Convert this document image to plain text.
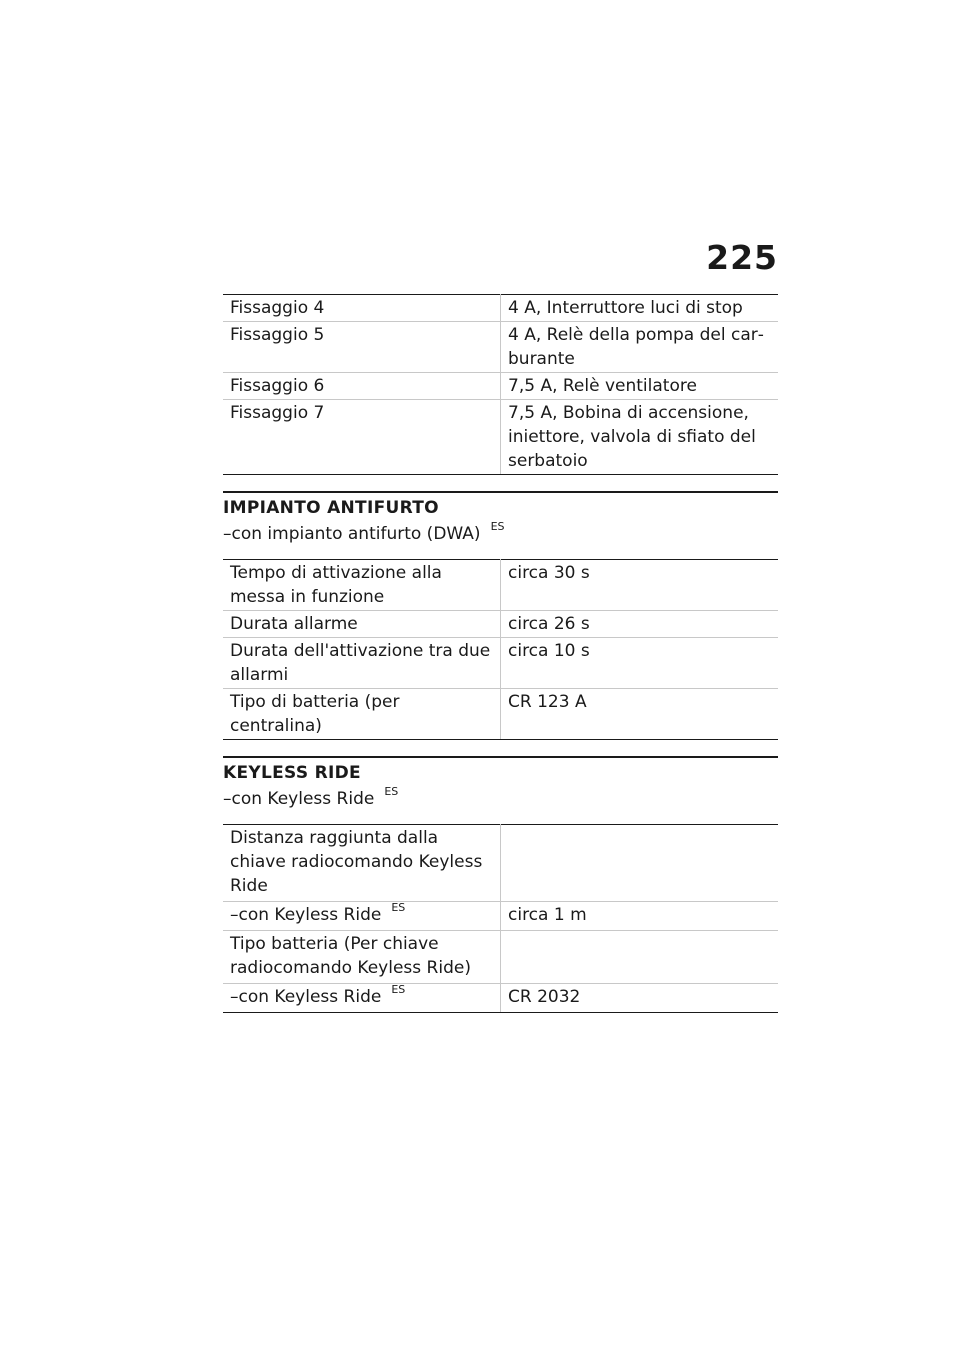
225
Fissaggio 4	4 A, Interruttore luci di stop
Fissaggio 5	4 A, Relè della pompa del carburante
Fissaggio 6	7,5 A, Relè ventilatore
Fissaggio 7	7,5 A, Bobina di accensione, iniettore, valvola di sfiato del serbatoio
IMPIANTO ANTIFURTO
–con impianto antifurto (DWA) $^{ES}$
Tempo di attivazione alla messa in funzione	circa 30 s
Durata allarme	circa 26 s
Durata dell'attivazione tra due allarmi	circa 10 s
Tipo di batteria (per centralina)	CR 123 A
KEYLESS RIDE
–con Keyless Ride $^{ES}$
Distanza raggiunta dalla chiave radiocomando Keyless Ride	
–con Keyless Ride $^{ES}$	circa 1 m
Tipo batteria (Per chiave radiocomando Keyless Ride)	
–con Keyless Ride $^{ES}$	CR 2032
